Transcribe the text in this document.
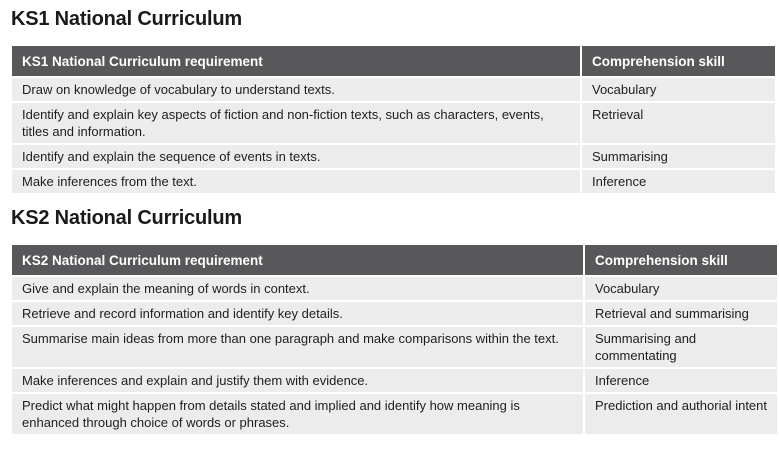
KS1 National Curriculum
KS1 National Curriculum requirement	Comprehension skill
Draw on knowledge of vocabulary to understand texts.	Vocabulary
Identify and explain key aspects of fiction and non-fiction texts, such as characters, events, titles and information.	Retrieval
Identify and explain the sequence of events in texts.	Summarising
Make inferences from the text.	Inference
KS2 National Curriculum
KS2 National Curriculum requirement	Comprehension skill
Give and explain the meaning of words in context.	Vocabulary
Retrieve and record information and identify key details.	Retrieval and summarising
Summarise main ideas from more than one paragraph and make comparisons within the text.	Summarising and commentating
Make inferences and explain and justify them with evidence.	Inference
Predict what might happen from details stated and implied and identify how meaning is enhanced through choice of words or phrases.	Prediction and authorial intent
